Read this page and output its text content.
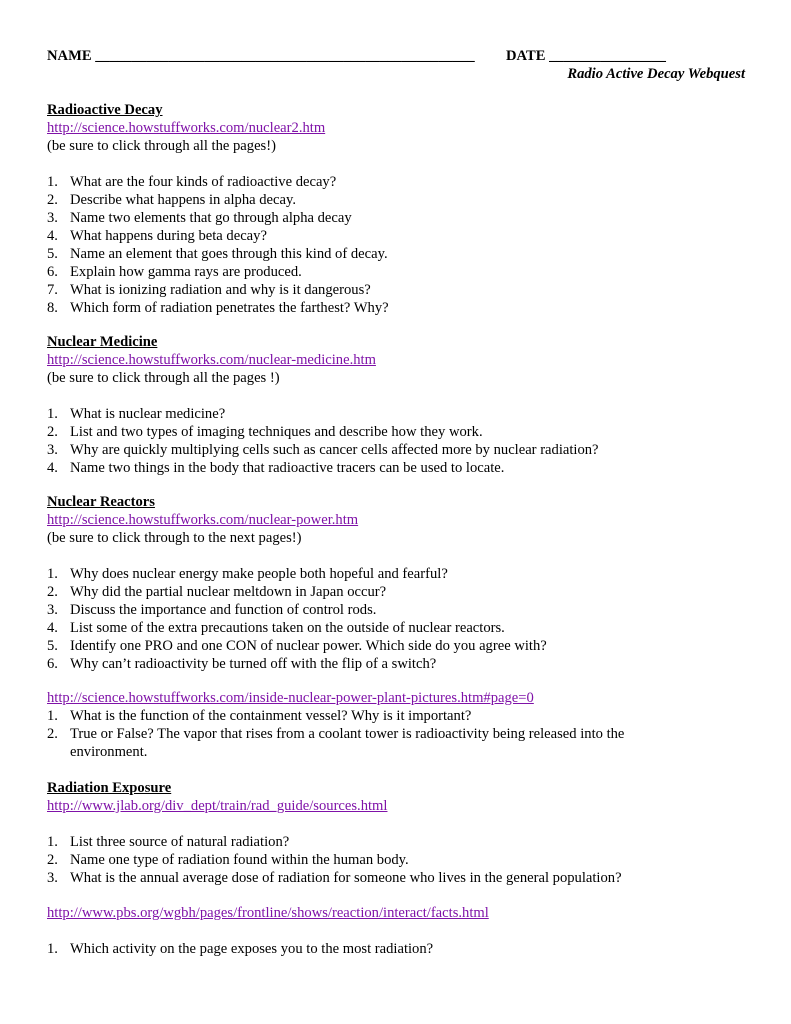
NAME ____________________________________________________ DATE ________________
Radio Active Decay Webquest
Radioactive Decay
http://science.howstuffworks.com/nuclear2.htm
(be sure to click through all the pages!)
1. What are the four kinds of radioactive decay?
2. Describe what happens in alpha decay.
3. Name two elements that go through alpha decay
4. What happens during beta decay?
5. Name an element that goes through this kind of decay.
6. Explain how gamma rays are produced.
7. What is ionizing radiation and why is it dangerous?
8. Which form of radiation penetrates the farthest? Why?
Nuclear Medicine
http://science.howstuffworks.com/nuclear-medicine.htm
(be sure to click through all the pages !)
1. What is nuclear medicine?
2. List and two types of imaging techniques and describe how they work.
3. Why are quickly multiplying cells such as cancer cells affected more by nuclear radiation?
4. Name two things in the body that radioactive tracers can be used to locate.
Nuclear Reactors
http://science.howstuffworks.com/nuclear-power.htm
(be sure to click through to the next pages!)
1. Why does nuclear energy make people both hopeful and fearful?
2. Why did the partial nuclear meltdown in Japan occur?
3. Discuss the importance and function of control rods.
4. List some of the extra precautions taken on the outside of nuclear reactors.
5. Identify one PRO and one CON of nuclear power. Which side do you agree with?
6. Why can’t radioactivity be turned off with the flip of a switch?
http://science.howstuffworks.com/inside-nuclear-power-plant-pictures.htm#page=0
1. What is the function of the containment vessel? Why is it important?
2. True or False? The vapor that rises from a coolant tower is radioactivity being released into the environment.
Radiation Exposure
http://www.jlab.org/div_dept/train/rad_guide/sources.html
1. List three source of natural radiation?
2. Name one type of radiation found within the human body.
3. What is the annual average dose of radiation for someone who lives in the general population?
http://www.pbs.org/wgbh/pages/frontline/shows/reaction/interact/facts.html
1. Which activity on the page exposes you to the most radiation?
